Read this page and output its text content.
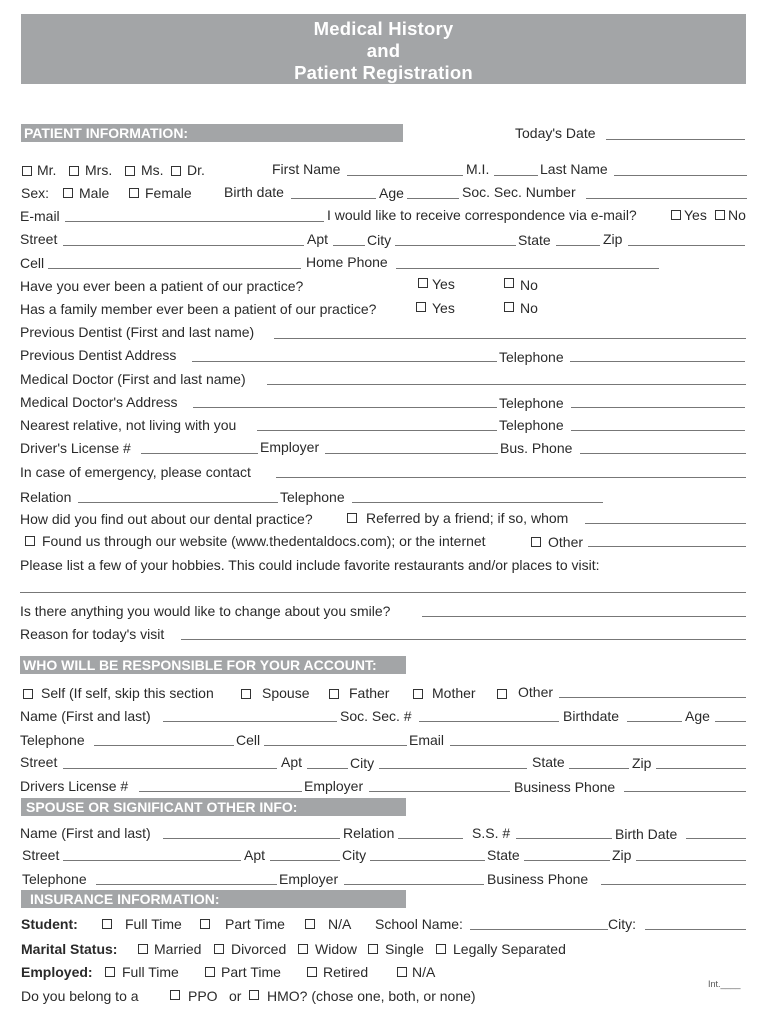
Medical History
and
Patient Registration
PATIENT INFORMATION:	Today's Date
Mr. Mrs. Ms. Dr.	First Name	M.I.	Last Name
Sex: Male	Female Birth date	Age	Soc. Sec. Number
E-mail	I would like to receive correspondence via e-mail?	Yes No
Street	Apt	City	State	Zip
Cell	Home Phone
Have you ever been a patient of our practice?	Yes	No
Has a family member ever been a patient of our practice?	Yes	No
Previous Dentist (First and last name)
Previous Dentist Address	Telephone
Medical Doctor (First and last name)
Medical Doctor's Address	Telephone
Nearest relative, not living with you	Telephone
Driver's License #	Employer	Bus. Phone
In case of emergency, please contact
Relation	Telephone
How did you find out about our dental practice?	Referred by a friend; if so, whom
Found us through our website (www.thedentaldocs.com); or the internet	Other
Please list a few of your hobbies. This could include favorite restaurants and/or places to visit:
Is there anything you would like to change about you smile?
Reason for today's visit
WHO WILL BE RESPONSIBLE FOR YOUR ACCOUNT:
Self (If self, skip this section	Spouse	Father	Mother	Other
Name (First and last)	Soc. Sec. #	Birthdate	Age
Telephone	Cell	Email
Street	Apt	City	State	Zip
Drivers License #	Employer	Business Phone
SPOUSE OR SIGNIFICANT OTHER INFO:
Name (First and last)	Relation	S.S. #	Birth Date
Street	Apt	City	State	Zip
Telephone	Employer	Business Phone
INSURANCE INFORMATION:
Student:	Full Time	Part Time	N/A School Name:	City:
Marital Status:	Married Divorced Widow Single Legally Separated
Employed: Full Time	Part Time	Retired	N/A
Do you belong to a	PPO or HMO? (chose one, both, or none)
Int.____
